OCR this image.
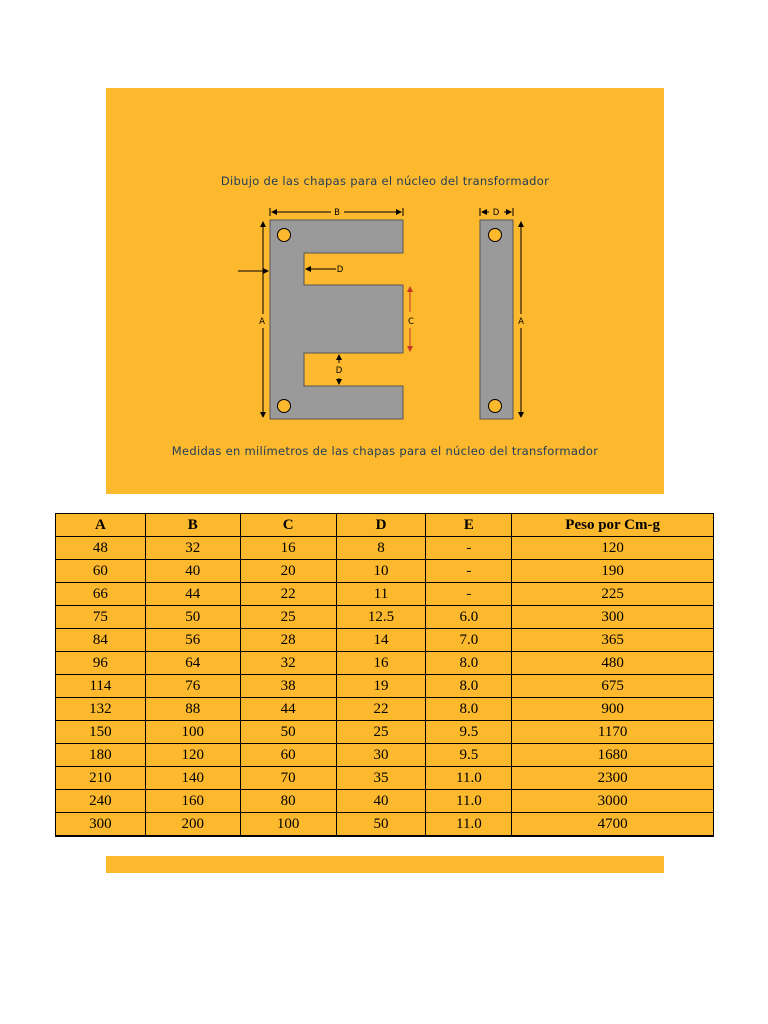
Dibujo de las chapas para el núcleo del transformador
B	D
A
D
D
C	A
Medidas en milímetros de las chapas para el núcleo del transformador
A	B	C	D	E	Peso por Cm-g
48	32	16	8	-	120
60	40	20	10	-	190
66	44	22	11	-	225
75	50	25	12.5	6.0	300
84	56	28	14	7.0	365
96	64	32	16	8.0	480
114	76	38	19	8.0	675
132	88	44	22	8.0	900
150	100	50	25	9.5	1170
180	120	60	30	9.5	1680
210	140	70	35	11.0	2300
240	160	80	40	11.0	3000
300	200	100	50	11.0	4700
